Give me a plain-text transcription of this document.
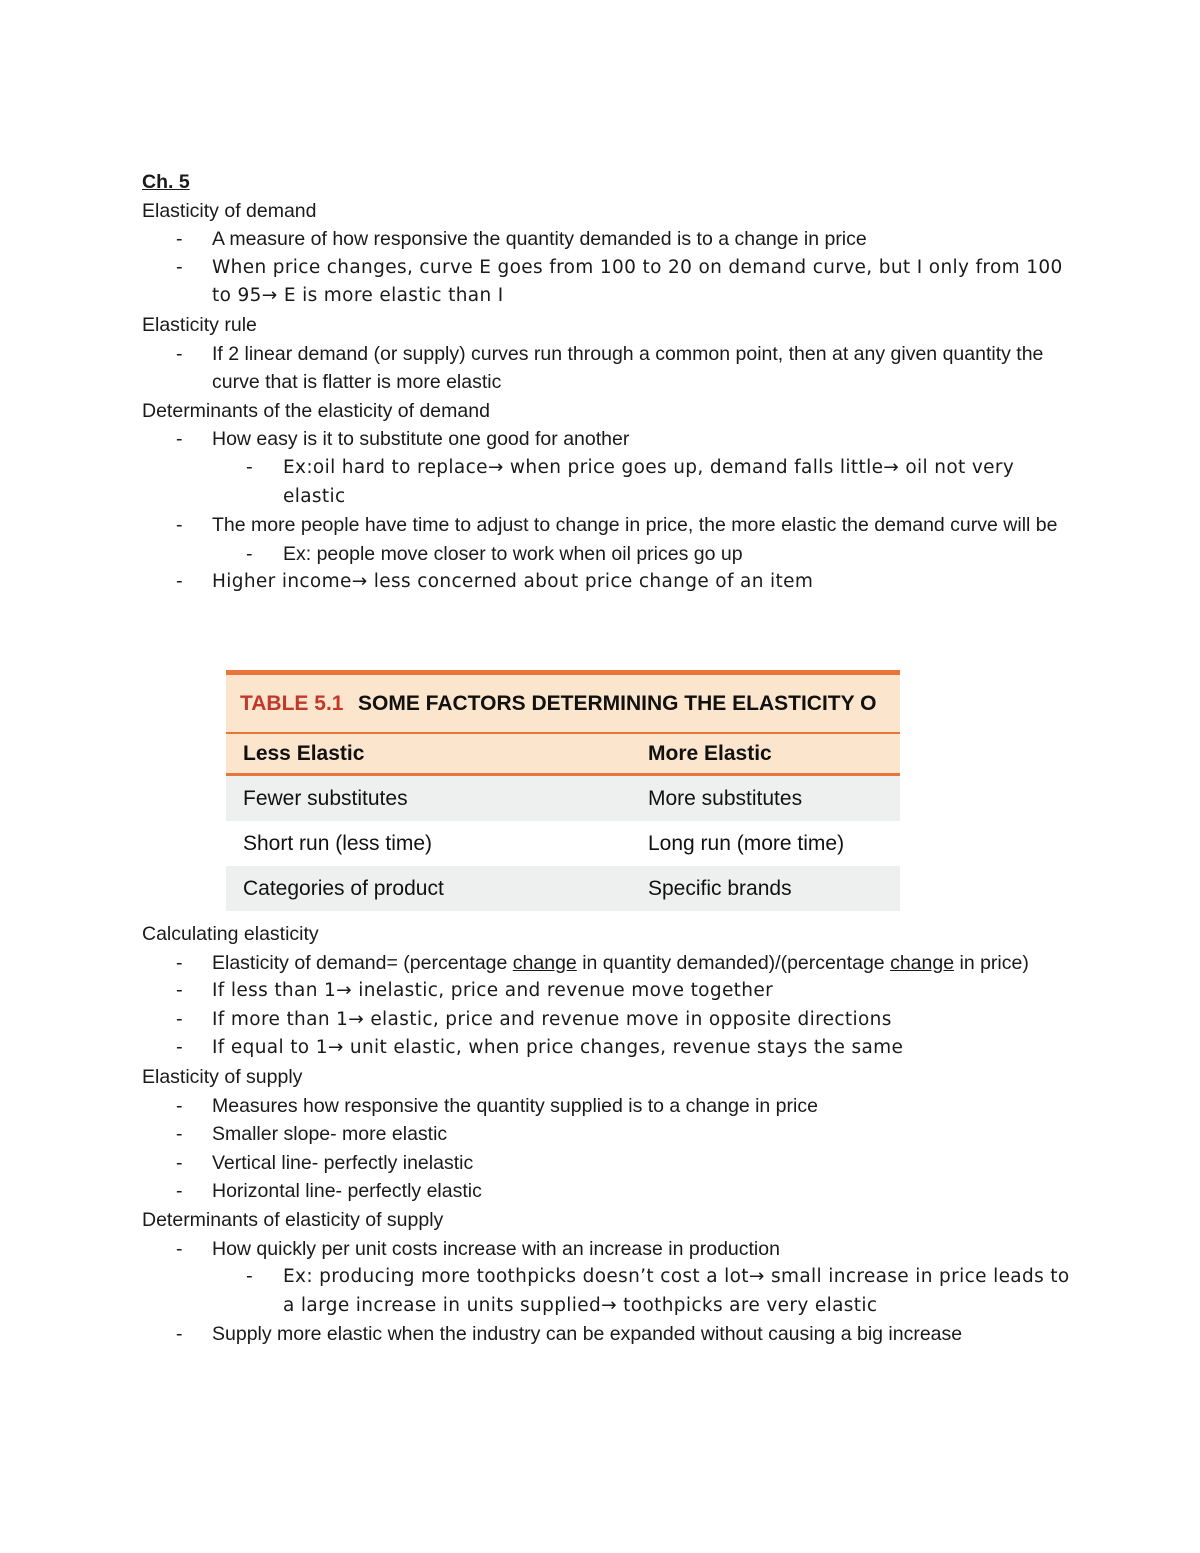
Ch. 5

Elasticity of demand

- A measure of how responsive the quantity demanded is to a change in price

- When price changes, curve E goes from 100 to 20 on demand curve, but I only from 100 to 95→ E is more elastic than I

Elasticity rule

- If 2 linear demand (or supply) curves run through a common point, then at any given quantity the curve that is flatter is more elastic

Determinants of the elasticity of demand

- How easy is it to substitute one good for another

- Ex:oil hard to replace→ when price goes up, demand falls little→ oil not very elastic

- The more people have time to adjust to change in price, the more elastic the demand curve will be

- Ex: people move closer to work when oil prices go up

- Higher income→ less concerned about price change of an item

TABLE 5.1 SOME FACTORS DETERMINING THE ELASTICITY O
Less Elastic	More Elastic
Fewer substitutes	More substitutes
Short run (less time)	Long run (more time)
Categories of product	Specific brands

Calculating elasticity

- Elasticity of demand= (percentage change in quantity demanded)/(percentage change in price)

- If less than 1→ inelastic, price and revenue move together

- If more than 1→ elastic, price and revenue move in opposite directions

- If equal to 1→ unit elastic, when price changes, revenue stays the same

Elasticity of supply

- Measures how responsive the quantity supplied is to a change in price

- Smaller slope- more elastic

- Vertical line- perfectly inelastic

- Horizontal line- perfectly elastic

Determinants of elasticity of supply

- How quickly per unit costs increase with an increase in production

- Ex: producing more toothpicks doesn’t cost a lot→ small increase in price leads to a large increase in units supplied→ toothpicks are very elastic

- Supply more elastic when the industry can be expanded without causing a big increase
